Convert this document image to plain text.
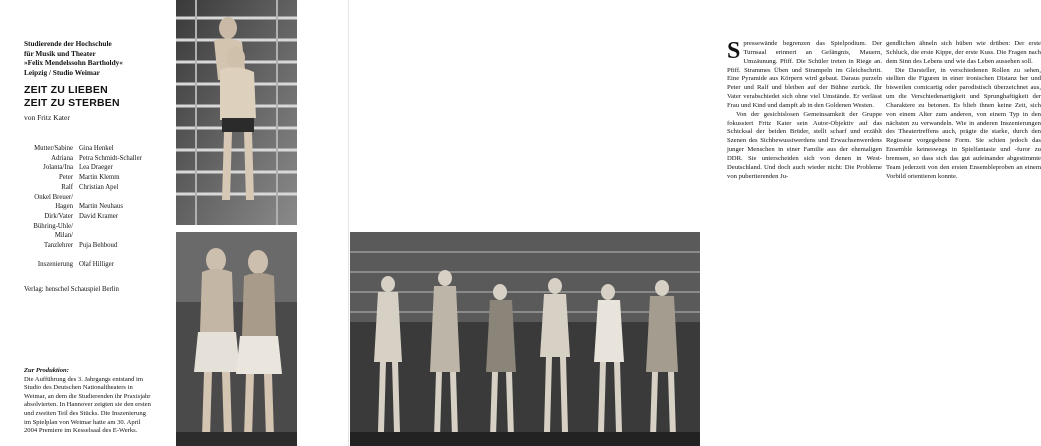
Studierende der Hochschule
für Musik und Theater
»Felix Mendelssohn Bartholdy«
Leipzig / Studio Weimar
ZEIT ZU LIEBEN
ZEIT ZU STERBEN
von Fritz Kater
Mutter/Sabine Gina Henkel
Adriana Petra Schmidt-Schaller
Jolanta/Ina Lea Draeger
Peter Martin Klemm
Ralf Christian Apel
Onkel Breuer/
Hagen Martin Neuhaus
Dirk/Vater David Kramer
Bühring-Uhle/
Milan/
Tanzlehrer Puja Behboud
Inszenierung Olaf Hilliger
Verlag: henschel Schauspiel Berlin
Zur Produktion:
Die Aufführung des 3. Jahrgangs entstand im
Studio des Deutschen Nationaltheaters in
Weimar, an dem die Studierenden ihr Praxisjahr
absolvierten. In Hannover zeigten sie den ersten
und zweiten Teil des Stücks. Die Inszenierung
im Spielplan von Weimar hatte am 30. April
2004 Premiere im Kesselsaal des E-Werks.

Spressewände begrenzen das Spielpodium. Der Turnsaal erinnert an Gefängnis, Mauern, Umzäunung. Pfiff. Die Schüler treten in Riege an. Pfiff. Strammes Üben und Strampeln im Gleichschritt. Eine Pyramide aus Körpern wird gebaut. Daraus purzeln Peter und Ralf und bleiben auf der Bühne zurück. Ihr Vater verabschiedet sich ohne viel Umstände. Er verlässt Frau und Kind und dampft ab in den Goldenen Westen.

Von der gesichtslosen Gemeinsamkeit der Gruppe fokussiert Fritz Kater sein Autor-Objektiv auf das Schicksal der beiden Brüder, stellt scharf und erzählt Szenen des Sichbewusstwerdens und Erwachsenwerdens junger Menschen in einer Familie aus der ehemaligen DDR. Sie unterscheiden sich von denen in West-Deutschland. Und doch auch wieder nicht: Die Probleme von pubertierenden Ju-

gendlichen ähneln sich hüben wie drüben: Der erste Schluck, die erste Kippe, der erste Kuss. Die Fragen nach dem Sinn des Lebens und wie das Leben aussehen soll.

Die Darsteller, in verschiedenen Rollen zu sehen, stellten die Figuren in einer ironischen Distanz her und bisweilen comicartig oder parodistisch überzeichnet aus, um die Verschiedenartigkeit und Sprunghaftigkeit der Charaktere zu betonen. Es blieb ihnen keine Zeit, sich von einem Alter zum anderen, von einem Typ in den nächsten zu verwandeln. Wie in anderen Inszenierungen des Theatertreffens auch, prägte die starke, durch den Regisseur vorgegebene Form. Sie schien jedoch das Ensemble keineswegs in Spielfantasie und -furor zu bremsen, so dass sich das gut aufeinander abgestimmte Team jederzeit von den ersten Ensembleproben an einem Vorbild orientieren konnte.
